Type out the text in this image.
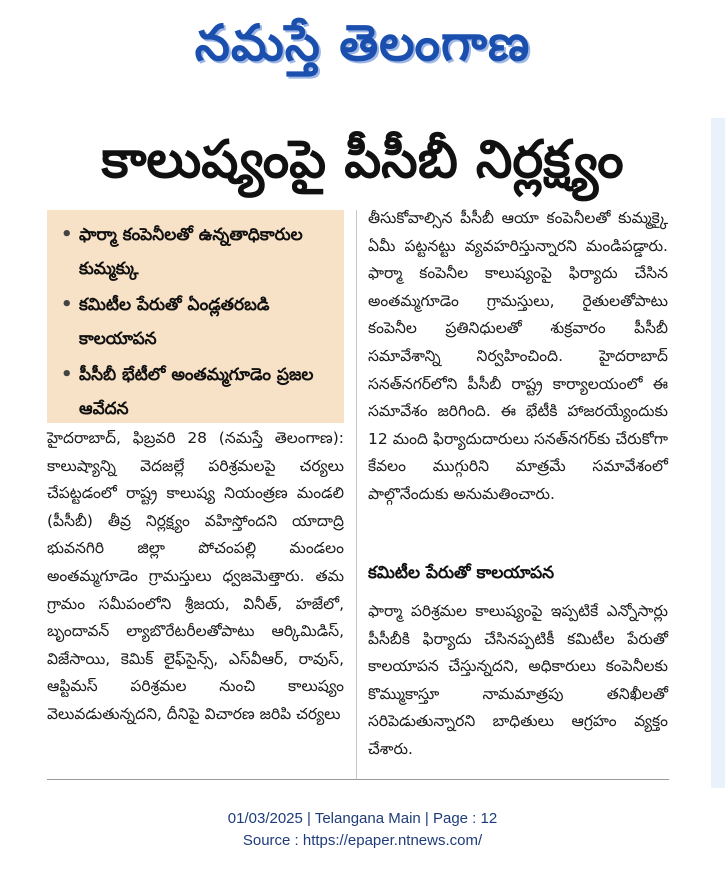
నమస్తే తెలంగాణ
కాలుష్యంపై పీసీబీ నిర్లక్ష్యం
• ఫార్మా కంపెనీలతో ఉన్నతాధికారుల కుమ్మక్కు
• కమిటీల పేరుతో ఏండ్లతరబడి కాలయాపన
• పీసీబీ భేటీలో అంతమ్మగూడెం ప్రజల ఆవేదన

హైదరాబాద్, ఫిబ్రవరి 28 (నమస్తే తెలంగాణ): కాలుష్యాన్ని వెదజల్లే పరిశ్రమలపై చర్యలు చేపట్టడంలో రాష్ట్ర కాలుష్య నియంత్రణ మండలి (పీసీబీ) తీవ్ర నిర్లక్ష్యం వహిస్తోందని యాదాద్రి భువనగిరి జిల్లా పోచంపల్లి మండలం అంతమ్మగూడెం గ్రామస్తులు ధ్వజమెత్తారు. తమ గ్రామం సమీపంలోని శ్రీజయ, వినీత్, హజేలో, బృందావన్ ల్యాబొరేటరీలతోపాటు ఆర్కిమిడిస్, విజేసాయి, కెమిక్ లైఫ్‌సైన్స్, ఎస్‌వీఆర్, రావుస్, ఆప్టిమస్ పరిశ్రమల నుంచి కాలుష్యం వెలువడుతున్నదని, దీనిపై విచారణ జరిపి చర్యలు

తీసుకోవాల్సిన పీసీబీ ఆయా కంపెనీలతో కుమ్మక్కై ఏమీ పట్టనట్టు వ్యవహరిస్తున్నారని మండిపడ్డారు. ఫార్మా కంపెనీల కాలుష్యంపై ఫిర్యాదు చేసిన అంతమ్మగూడెం గ్రామస్తులు, రైతులతోపాటు కంపెనీల ప్రతినిధులతో శుక్రవారం పీసీబీ సమావేశాన్ని నిర్వహించింది. హైదరాబాద్ సనత్‌నగర్‌లోని పీసీబీ రాష్ట్ర కార్యాలయంలో ఈ సమావేశం జరిగింది. ఈ భేటీకి హాజరయ్యేందుకు 12 మంది ఫిర్యాదుదారులు సనత్‌నగర్‌కు చేరుకోగా కేవలం ముగ్గురిని మాత్రమే సమావేశంలో పాల్గొనేందుకు అనుమతించారు.

కమిటీల పేరుతో కాలయాపన

ఫార్మా పరిశ్రమల కాలుష్యంపై ఇప్పటికే ఎన్నోసార్లు పీసీబీకి ఫిర్యాదు చేసినప్పటికీ కమిటీల పేరుతో కాలయాపన చేస్తున్నదని, అధికారులు కంపెనీలకు కొమ్ముకాస్తూ నామమాత్రపు తనిఖీలతో సరిపెడుతున్నారని బాధితులు ఆగ్రహం వ్యక్తం చేశారు.

01/03/2025 | Telangana Main | Page : 12
Source : https://epaper.ntnews.com/
